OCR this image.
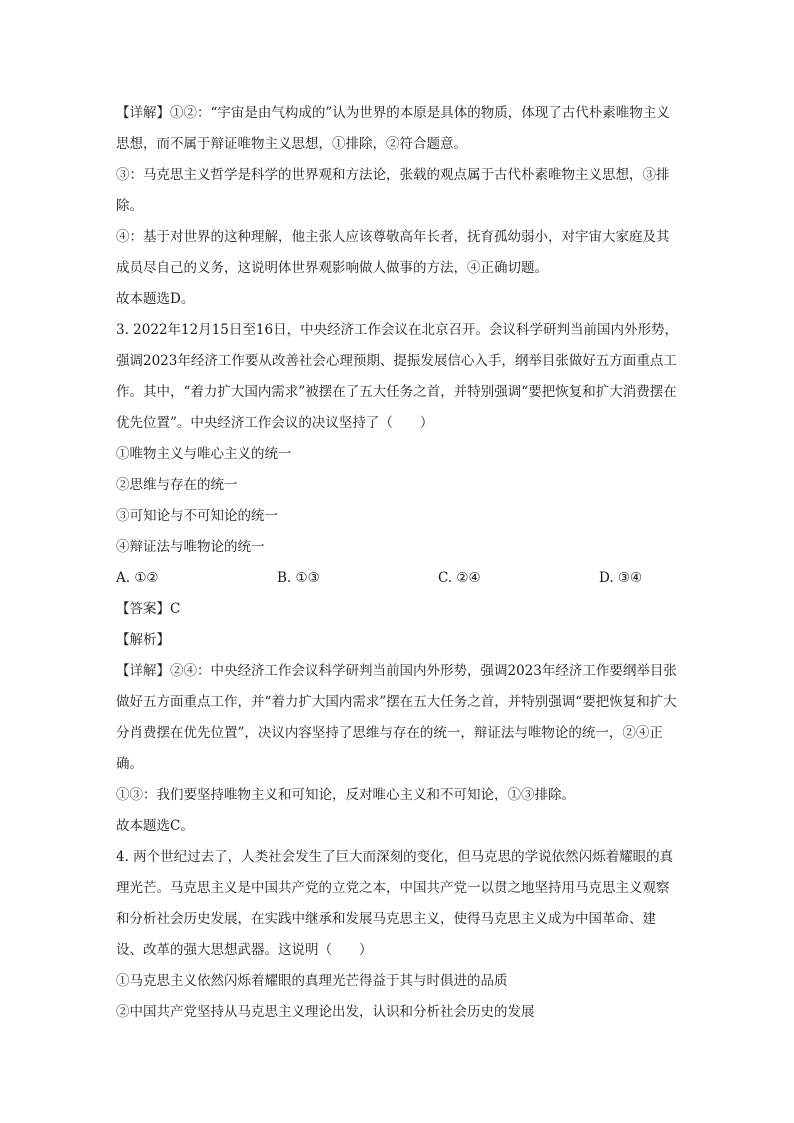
【详解】①②：“宇宙是由气构成的”认为世界的本原是具体的物质，体现了古代朴素唯物主义思想，而不属于辩证唯物主义思想，①排除，②符合题意。

③：马克思主义哲学是科学的世界观和方法论，张载的观点属于古代朴素唯物主义思想，③排除。

④：基于对世界的这种理解，他主张人应该尊敬高年长者，抚育孤幼弱小，对宇宙大家庭及其成员尽自己的义务，这说明体世界观影响做人做事的方法，④正确切题。

故本题选D。

3. 2022年12月15日至16日，中央经济工作会议在北京召开。会议科学研判当前国内外形势，强调2023年经济工作要从改善社会心理预期、提振发展信心入手，纲举目张做好五方面重点工作。其中，“着力扩大国内需求”被摆在了五大任务之首，并特别强调“要把恢复和扩大消费摆在优先位置”。中央经济工作会议的决议坚持了（　　）

①唯物主义与唯心主义的统一

②思维与存在的统一

③可知论与不可知论的统一

④辩证法与唯物论的统一

A. ①②	B. ①③	C. ②④	D. ③④

【答案】C

【解析】

【详解】②④：中央经济工作会议科学研判当前国内外形势，强调2023年经济工作要纲举目张做好五方面重点工作，并“着力扩大国内需求”摆在五大任务之首，并特别强调“要把恢复和扩大分肖费摆在优先位置”，决议内容坚持了思维与存在的统一，辩证法与唯物论的统一，②④正确。

①③：我们要坚持唯物主义和可知论，反对唯心主义和不可知论，①③排除。

故本题选C。

4. 两个世纪过去了，人类社会发生了巨大而深刻的变化，但马克思的学说依然闪烁着耀眼的真理光芒。马克思主义是中国共产党的立党之本，中国共产党一以贯之地坚持用马克思主义观察和分析社会历史发展，在实践中继承和发展马克思主义，使得马克思主义成为中国革命、建设、改革的强大思想武器。这说明（　　）

①马克思主义依然闪烁着耀眼的真理光芒得益于其与时俱进的品质

②中国共产党坚持从马克思主义理论出发，认识和分析社会历史的发展
